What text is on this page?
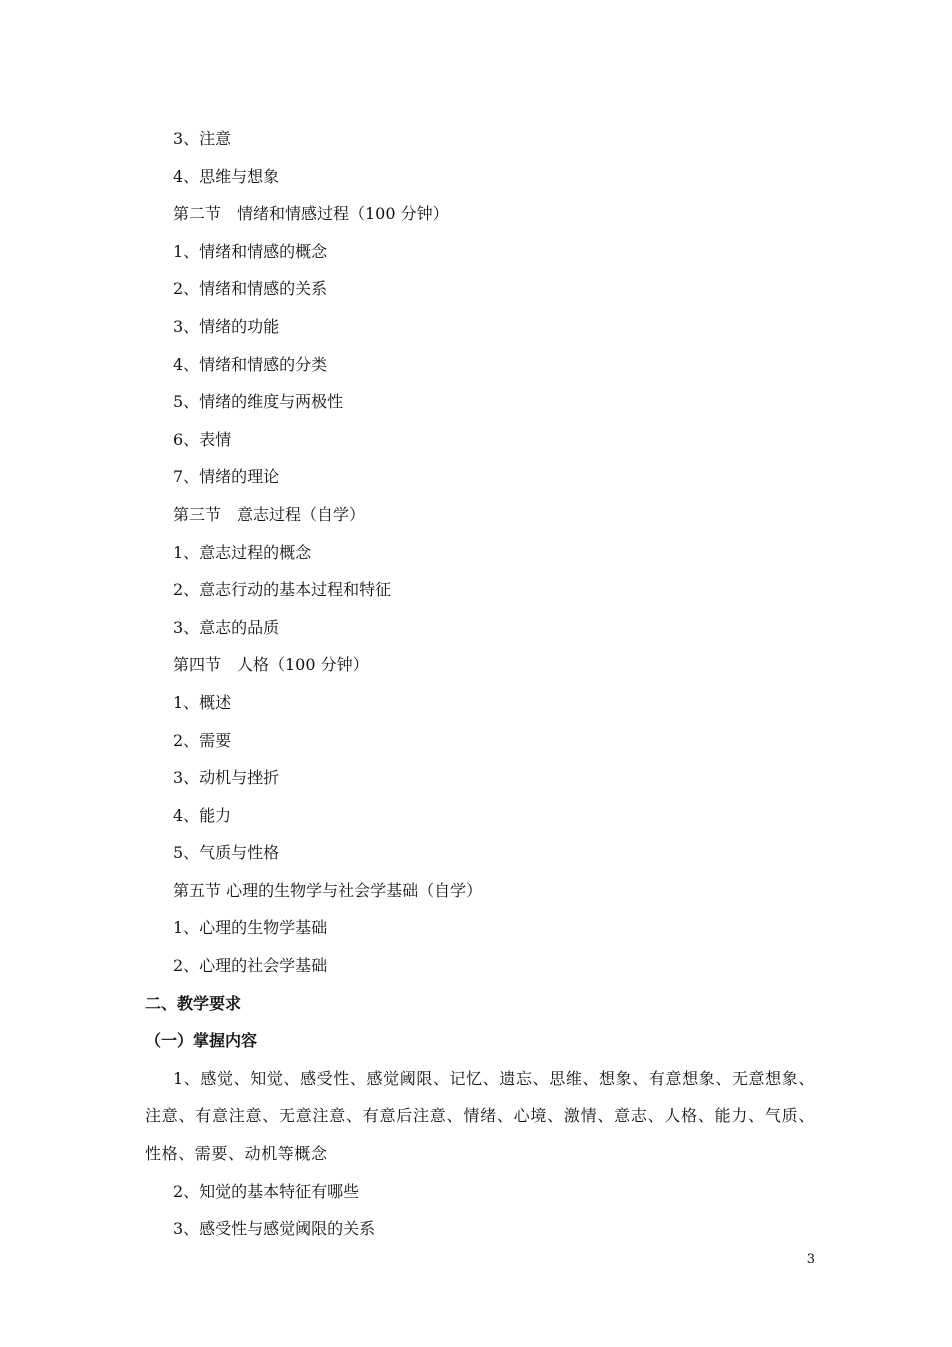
3、注意
4、思维与想象
第二节　情绪和情感过程（100 分钟）
1、情绪和情感的概念
2、情绪和情感的关系
3、情绪的功能
4、情绪和情感的分类
5、情绪的维度与两极性
6、表情
7、情绪的理论
第三节　意志过程（自学）
1、意志过程的概念
2、意志行动的基本过程和特征
3、意志的品质
第四节　人格（100 分钟）
1、概述
2、需要
3、动机与挫折
4、能力
5、气质与性格
第五节 心理的生物学与社会学基础（自学）
1、心理的生物学基础
2、心理的社会学基础
二、教学要求
（一）掌握内容
1、感觉、知觉、感受性、感觉阈限、记忆、遗忘、思维、想象、有意想象、无意想象、注意、有意注意、无意注意、有意后注意、情绪、心境、激情、意志、人格、能力、气质、性格、需要、动机等概念
2、知觉的基本特征有哪些
3、感受性与感觉阈限的关系
3
